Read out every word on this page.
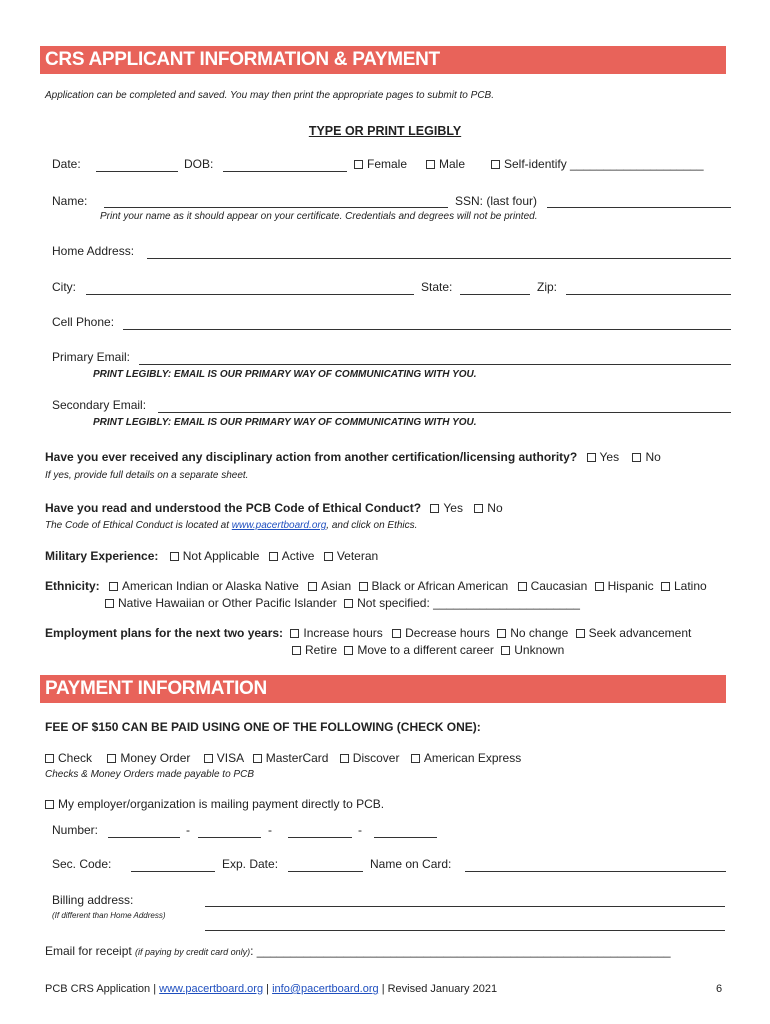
CRS APPLICANT INFORMATION & PAYMENT
Application can be completed and saved. You may then print the appropriate pages to submit to PCB.
TYPE OR PRINT LEGIBLY
Date:	DOB:	Female	Male	Self-identify ____________________
Name:	SSN: (last four)
Print your name as it should appear on your certificate. Credentials and degrees will not be printed.
Home Address:
City:	State:	Zip:
Cell Phone:
Primary Email:
PRINT LEGIBLY: EMAIL IS OUR PRIMARY WAY OF COMMUNICATING WITH YOU.
Secondary Email:
PRINT LEGIBLY: EMAIL IS OUR PRIMARY WAY OF COMMUNICATING WITH YOU.
Have you ever received any disciplinary action from another certification/licensing authority? Yes No
If yes, provide full details on a separate sheet.
Have you read and understood the PCB Code of Ethical Conduct? Yes No
The Code of Ethical Conduct is located at www.pacertboard.org, and click on Ethics.
Military Experience: Not Applicable Active Veteran
Ethnicity: American Indian or Alaska Native Asian Black or African American Caucasian Hispanic Latino
Native Hawaiian or Other Pacific Islander Not specified: ______________________
Employment plans for the next two years: Increase hours Decrease hours No change Seek advancement
Retire Move to a different career Unknown
PAYMENT INFORMATION
FEE OF $150 CAN BE PAID USING ONE OF THE FOLLOWING (CHECK ONE):
Check Money Order VISA MasterCard Discover American Express
Checks & Money Orders made payable to PCB
My employer/organization is mailing payment directly to PCB.
Number:	-	-	-
Sec. Code:	Exp. Date:	Name on Card:
Billing address:
(If different than Home Address)
Email for receipt (if paying by credit card only): ______________________________________________________________
PCB CRS Application | www.pacertboard.org | info@pacertboard.org | Revised January 2021	6
